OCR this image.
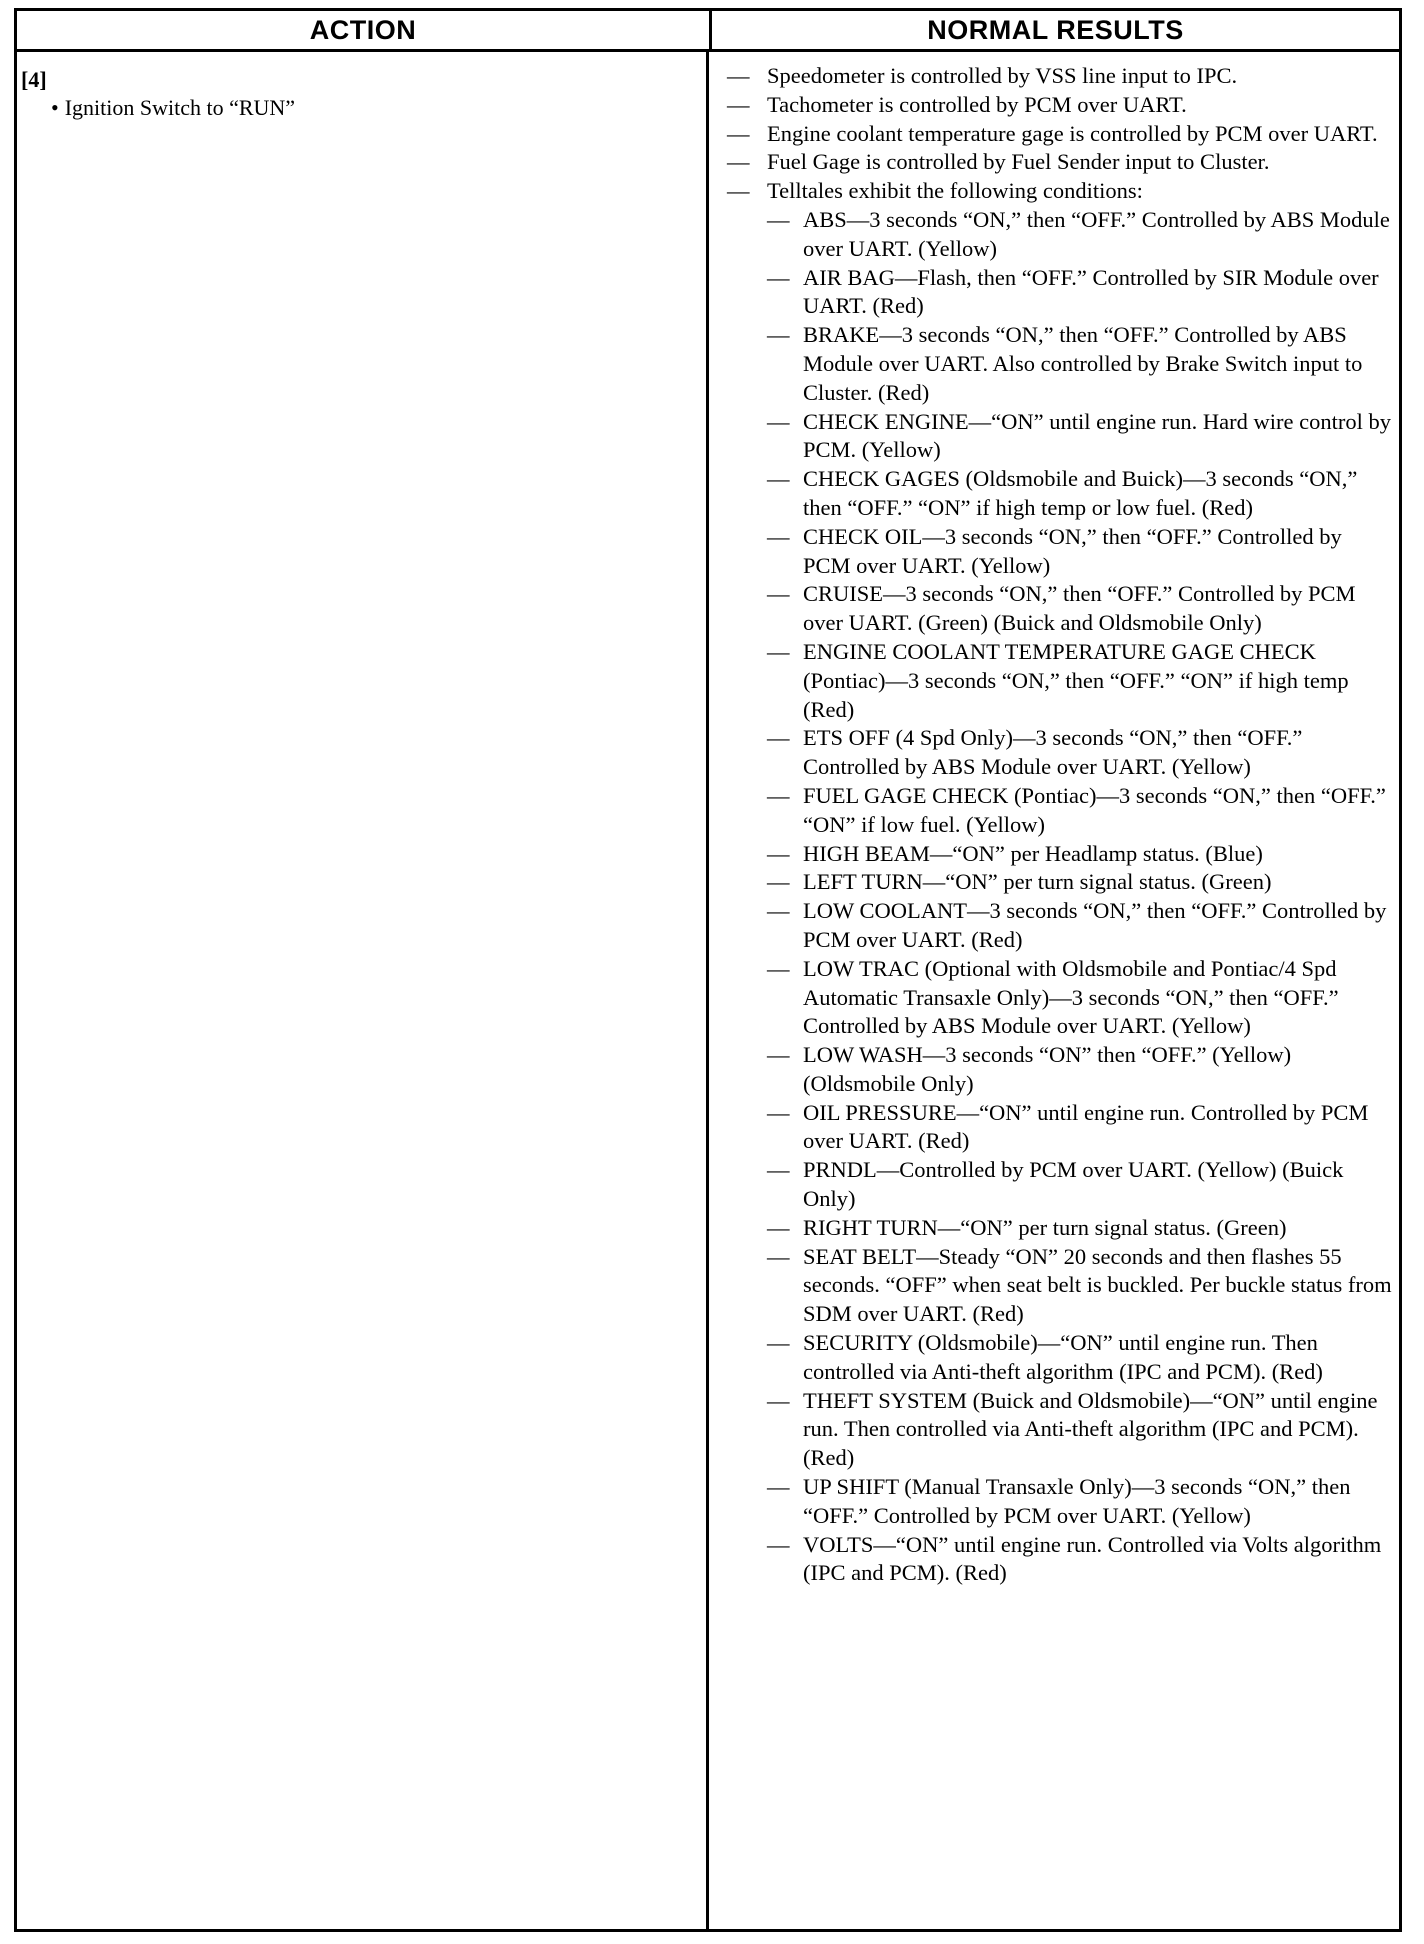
ACTION	NORMAL RESULTS
[4]
• Ignition Switch to “RUN”
— Speedometer is controlled by VSS line input to IPC.
— Tachometer is controlled by PCM over UART.
— Engine coolant temperature gage is controlled by PCM over UART.
— Fuel Gage is controlled by Fuel Sender input to Cluster.
— Telltales exhibit the following conditions:
— ABS—3 seconds “ON,” then “OFF.” Controlled by ABS Module over UART. (Yellow)
— AIR BAG—Flash, then “OFF.” Controlled by SIR Module over UART. (Red)
— BRAKE—3 seconds “ON,” then “OFF.” Controlled by ABS Module over UART. Also controlled by Brake Switch input to Cluster. (Red)
— CHECK ENGINE—“ON” until engine run. Hard wire control by PCM. (Yellow)
— CHECK GAGES (Oldsmobile and Buick)—3 seconds “ON,” then “OFF.” “ON” if high temp or low fuel. (Red)
— CHECK OIL—3 seconds “ON,” then “OFF.” Controlled by PCM over UART. (Yellow)
— CRUISE—3 seconds “ON,” then “OFF.” Controlled by PCM over UART. (Green) (Buick and Oldsmobile Only)
— ENGINE COOLANT TEMPERATURE GAGE CHECK (Pontiac)—3 seconds “ON,” then “OFF.” “ON” if high temp (Red)
— ETS OFF (4 Spd Only)—3 seconds “ON,” then “OFF.” Controlled by ABS Module over UART. (Yellow)
— FUEL GAGE CHECK (Pontiac)—3 seconds “ON,” then “OFF.” “ON” if low fuel. (Yellow)
— HIGH BEAM—“ON” per Headlamp status. (Blue)
— LEFT TURN—“ON” per turn signal status. (Green)
— LOW COOLANT—3 seconds “ON,” then “OFF.” Controlled by PCM over UART. (Red)
— LOW TRAC (Optional with Oldsmobile and Pontiac/4 Spd Automatic Transaxle Only)—3 seconds “ON,” then “OFF.” Controlled by ABS Module over UART. (Yellow)
— LOW WASH—3 seconds “ON” then “OFF.” (Yellow) (Oldsmobile Only)
— OIL PRESSURE—“ON” until engine run. Controlled by PCM over UART. (Red)
— PRNDL—Controlled by PCM over UART. (Yellow) (Buick Only)
— RIGHT TURN—“ON” per turn signal status. (Green)
— SEAT BELT—Steady “ON” 20 seconds and then flashes 55 seconds. “OFF” when seat belt is buckled. Per buckle status from SDM over UART. (Red)
— SECURITY (Oldsmobile)—“ON” until engine run. Then controlled via Anti-theft algorithm (IPC and PCM). (Red)
— THEFT SYSTEM (Buick and Oldsmobile)—“ON” until engine run. Then controlled via Anti-theft algorithm (IPC and PCM). (Red)
— UP SHIFT (Manual Transaxle Only)—3 seconds “ON,” then “OFF.” Controlled by PCM over UART. (Yellow)
— VOLTS—“ON” until engine run. Controlled via Volts algorithm (IPC and PCM). (Red)
